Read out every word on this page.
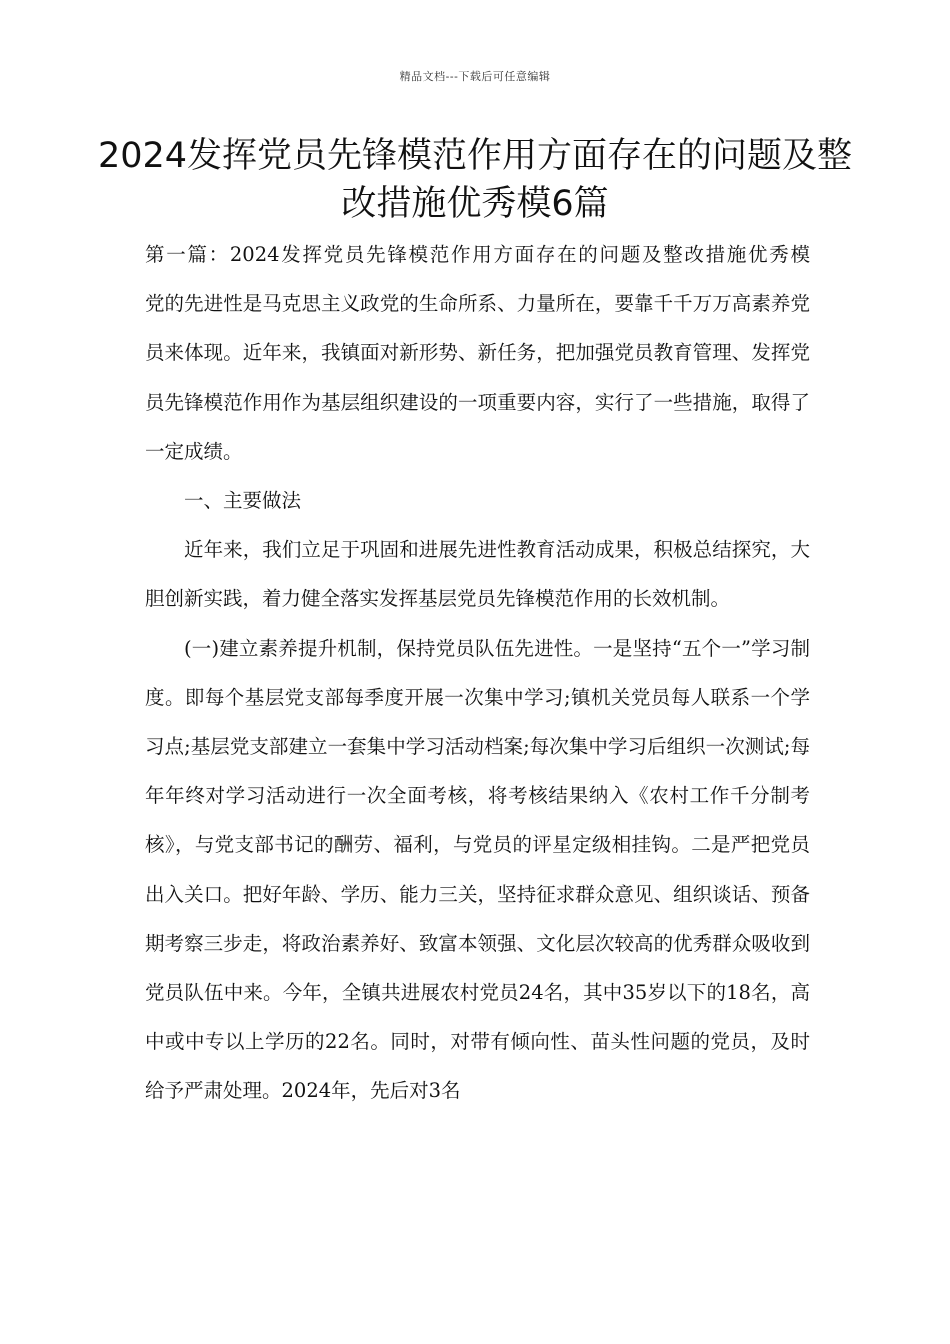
精品文档---下载后可任意编辑
2024发挥党员先锋模范作用方面存在的问题及整改措施优秀模6篇

第一篇：2024发挥党员先锋模范作用方面存在的问题及整改措施优秀模　　党的先进性是马克思主义政党的生命所系、力量所在，要靠千千万万高素养党员来体现。近年来，我镇面对新形势、新任务，把加强党员教育管理、发挥党员先锋模范作用作为基层组织建设的一项重要内容，实行了一些措施，取得了一定成绩。

一、主要做法

近年来，我们立足于巩固和进展先进性教育活动成果，积极总结探究，大胆创新实践，着力健全落实发挥基层党员先锋模范作用的长效机制。

(一)建立素养提升机制，保持党员队伍先进性。一是坚持“五个一”学习制度。即每个基层党支部每季度开展一次集中学习;镇机关党员每人联系一个学习点;基层党支部建立一套集中学习活动档案;每次集中学习后组织一次测试;每年年终对学习活动进行一次全面考核，将考核结果纳入《农村工作千分制考核》，与党支部书记的酬劳、福利，与党员的评星定级相挂钩。二是严把党员出入关口。把好年龄、学历、能力三关，坚持征求群众意见、组织谈话、预备期考察三步走，将政治素养好、致富本领强、文化层次较高的优秀群众吸收到党员队伍中来。今年，全镇共进展农村党员24名，其中35岁以下的18名，高中或中专以上学历的22名。同时，对带有倾向性、苗头性问题的党员，及时给予严肃处理。2024年，先后对3名
